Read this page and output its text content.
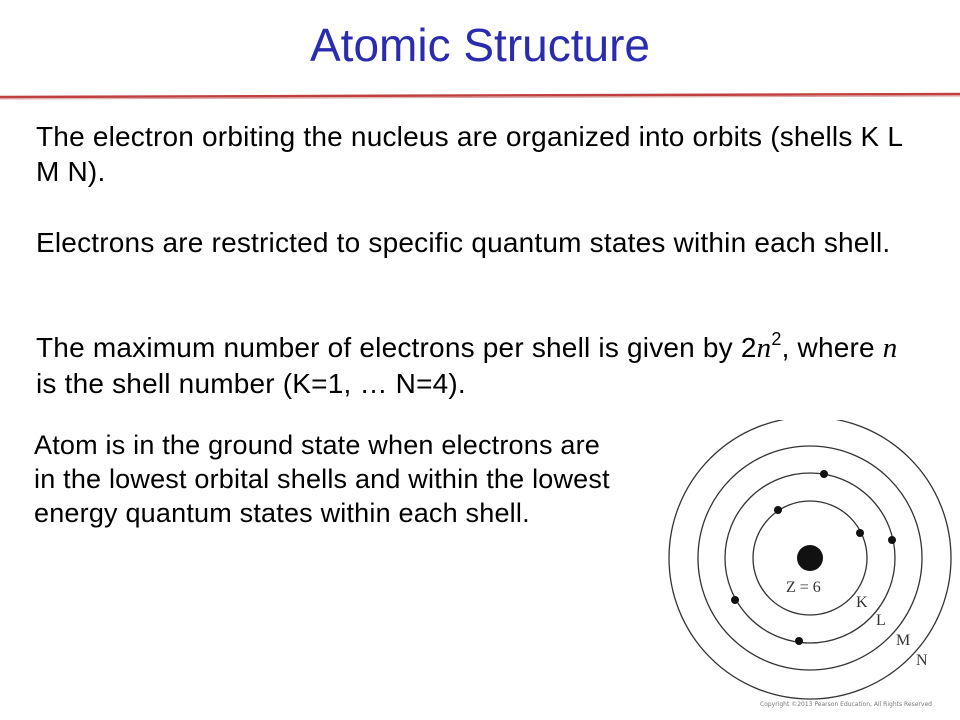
Atomic Structure
The electron orbiting the nucleus are organized into orbits (shells K L M N).
Electrons are restricted to specific quantum states within each shell.
The maximum number of electrons per shell is given by $2n^2$, where n is the shell number (K=1, … N=4).
Atom is in the ground state when electrons are in the lowest orbital shells and within the lowest energy quantum states within each shell.
Z = 6
K
L
M
N
Copyright ©2013 Pearson Education, All Rights Reserved
